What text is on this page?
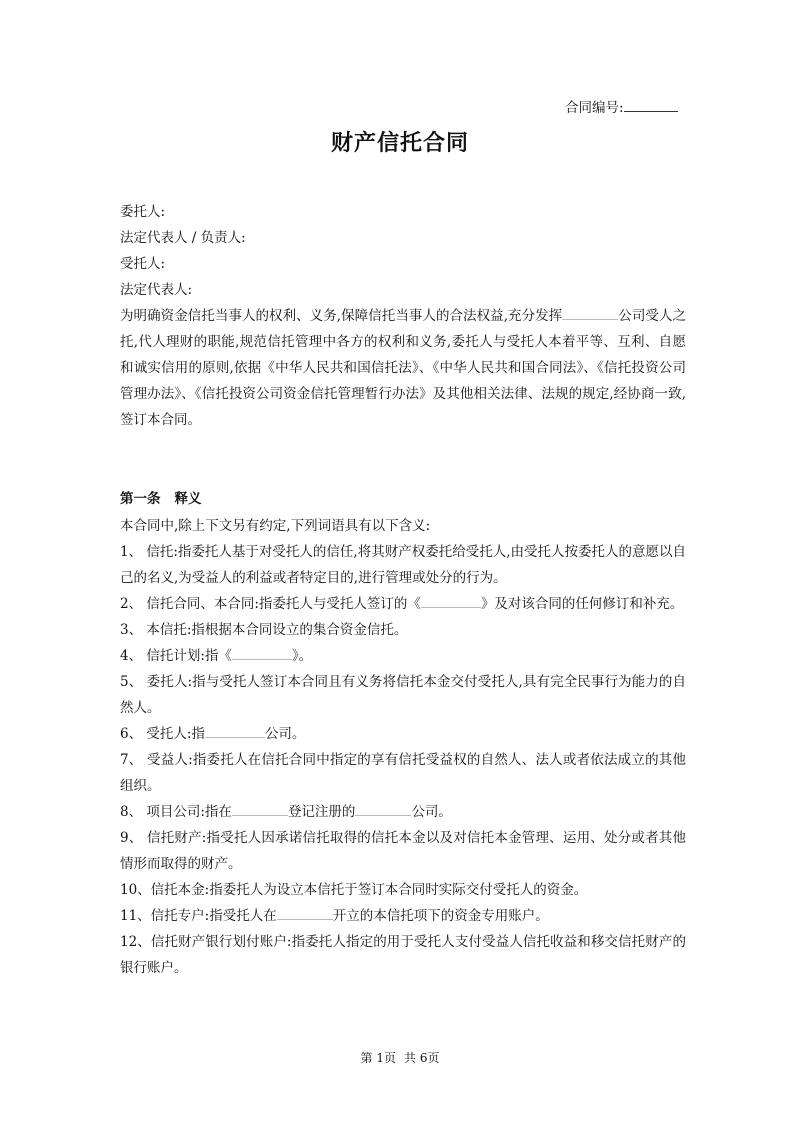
合同编号:
财产信托合同

委托人:

法定代表人 / 负责人:

受托人:

法定代表人:

为明确资金信托当事人的权利、义务,保障信托当事人的合法权益,充分发挥	公司受人之托,代人理财的职能,规范信托管理中各方的权利和义务,委托人与受托人本着平等、互利、自愿和诚实信用的原则,依据《中华人民共和国信托法》、《中华人民共和国合同法》、《信托投资公司管理办法》、《信托投资公司资金信托管理暂行办法》及其他相关法律、法规的规定,经协商一致,签订本合同。
第一条 释义

本合同中,除上下文另有约定,下列词语具有以下含义:

1、 信托:指委托人基于对受托人的信任,将其财产权委托给受托人,由受托人按委托人的意愿以自己的名义,为受益人的利益或者特定目的,进行管理或处分的行为。

2、 信托合同、本合同:指委托人与受托人签订的《	》及对该合同的任何修订和补充。

3、 本信托:指根据本合同设立的集合资金信托。

4、 信托计划:指《	》。

5、 委托人:指与受托人签订本合同且有义务将信托本金交付受托人,具有完全民事行为能力的自然人。

6、 受托人:指	公司。

7、 受益人:指委托人在信托合同中指定的享有信托受益权的自然人、法人或者依法成立的其他组织。

8、 项目公司:指在	登记注册的	公司。

9、 信托财产:指受托人因承诺信托取得的信托本金以及对信托本金管理、运用、处分或者其他情形而取得的财产。

10、信托本金:指委托人为设立本信托于签订本合同时实际交付受托人的资金。

11、信托专户:指受托人在	开立的本信托项下的资金专用账户。

12、信托财产银行划付账户:指委托人指定的用于受托人支付受益人信托收益和移交信托财产的银行账户。

第 1页 共 6页
